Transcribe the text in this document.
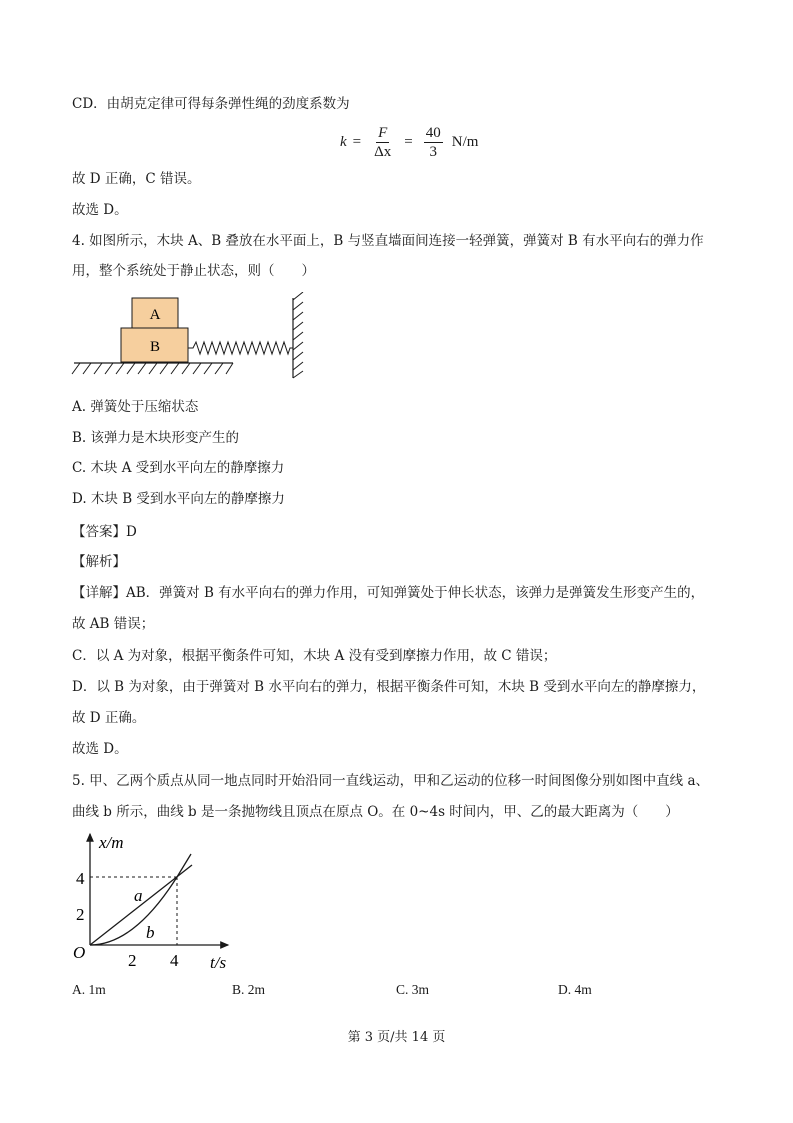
CD．由胡克定律可得每条弹性绳的劲度系数为
$k = \frac{F}{\Delta x} = \frac{40}{3} N/m$
故 D 正确，C 错误。
故选 D。
4. 如图所示，木块 A、B 叠放在水平面上，B 与竖直墙面间连接一轻弹簧，弹簧对 B 有水平向右的弹力作
用，整个系统处于静止状态，则（　　）
A
B
A. 弹簧处于压缩状态
B. 该弹力是木块形变产生的
C. 木块 A 受到水平向左的静摩擦力
D. 木块 B 受到水平向左的静摩擦力
【答案】D
【解析】
【详解】AB．弹簧对 B 有水平向右的弹力作用，可知弹簧处于伸长状态，该弹力是弹簧发生形变产生的，
故 AB 错误；
C．以 A 为对象，根据平衡条件可知，木块 A 没有受到摩擦力作用，故 C 错误；
D．以 B 为对象，由于弹簧对 B 水平向右的弹力，根据平衡条件可知，木块 B 受到水平向左的静摩擦力，
故 D 正确。
故选 D。
5. 甲、乙两个质点从同一地点同时开始沿同一直线运动，甲和乙运动的位移一时间图像分别如图中直线 a、
曲线 b 所示，曲线 b 是一条抛物线且顶点在原点 O。在 0~4s 时间内，甲、乙的最大距离为（　　）
x/m
t/s
O
4
2
2 4
a
b
A. 1m	B. 2m	C. 3m	D. 4m
第 3 页/共 14 页
